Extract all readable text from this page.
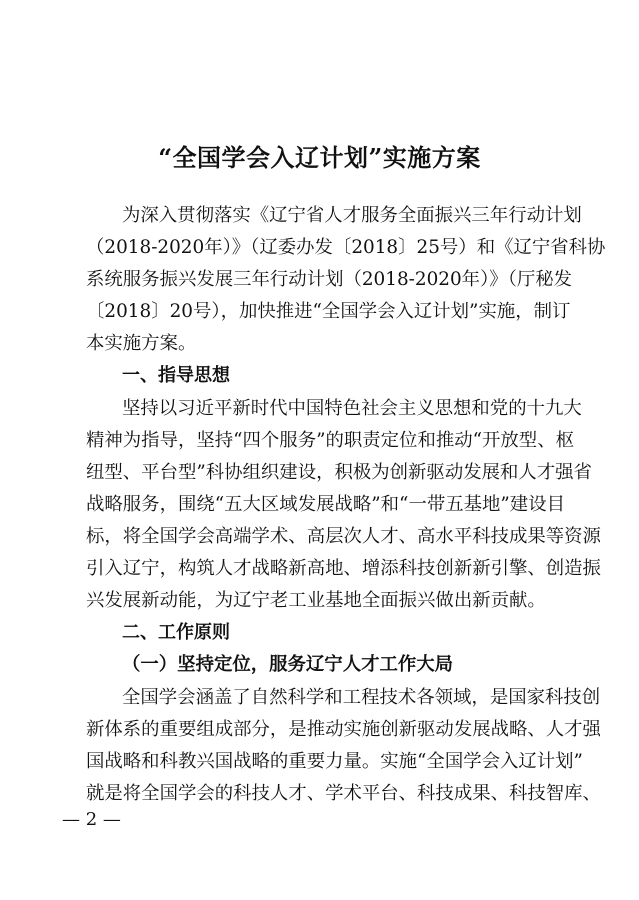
“全国学会入辽计划”实施方案

为深入贯彻落实《辽宁省人才服务全面振兴三年行动计划

（2018-2020年）》（辽委办发〔2018〕25号）和《辽宁省科协

系统服务振兴发展三年行动计划（2018-2020年）》（厅秘发

〔2018〕20号），加快推进“全国学会入辽计划”实施，制订

本实施方案。

一、指导思想

坚持以习近平新时代中国特色社会主义思想和党的十九大

精神为指导，坚持“四个服务”的职责定位和推动“开放型、枢

纽型、平台型”科协组织建设，积极为创新驱动发展和人才强省

战略服务，围绕“五大区域发展战略”和“一带五基地”建设目

标，将全国学会高端学术、高层次人才、高水平科技成果等资源

引入辽宁，构筑人才战略新高地、增添科技创新新引擎、创造振

兴发展新动能，为辽宁老工业基地全面振兴做出新贡献。

二、工作原则

（一）坚持定位，服务辽宁人才工作大局

全国学会涵盖了自然科学和工程技术各领域，是国家科技创

新体系的重要组成部分，是推动实施创新驱动发展战略、人才强

国战略和科教兴国战略的重要力量。实施“全国学会入辽计划”

就是将全国学会的科技人才、学术平台、科技成果、科技智库、

— 2 —
